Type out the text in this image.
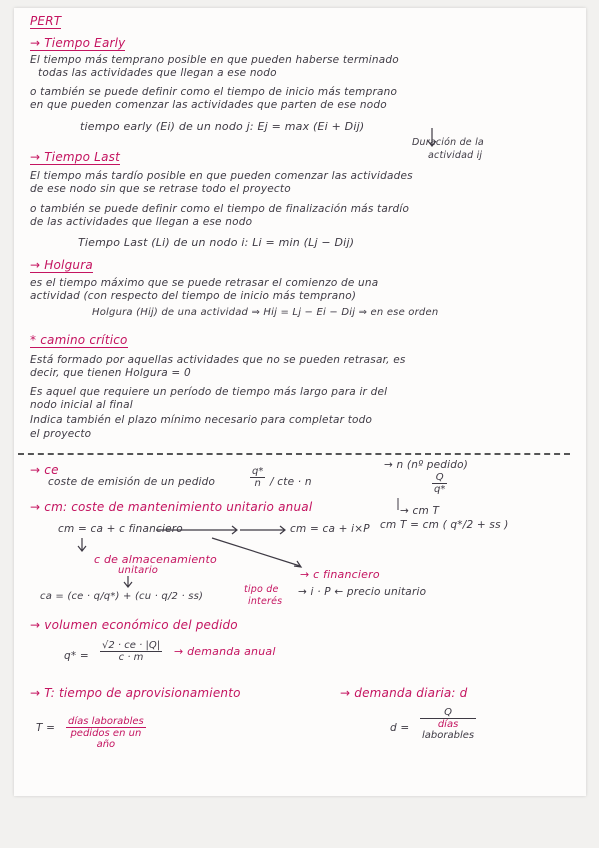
PERT
→ Tiempo Early
El tiempo más temprano posible en que pueden haberse terminado
todas las actividades que llegan a ese nodo
o también se puede definir como el tiempo de inicio más temprano
en que pueden comenzar las actividades que parten de ese nodo
tiempo early (Ei) de un nodo j: Ej = max (Ei + Dij)
Duración de la
actividad ij
→ Tiempo Last
El tiempo más tardío posible en que pueden comenzar las actividades
de ese nodo sin que se retrase todo el proyecto
o también se puede definir como el tiempo de finalización más tardío
de las actividades que llegan a ese nodo
Tiempo Last (Li) de un nodo i: Li = min (Lj − Dij)
→ Holgura
es el tiempo máximo que se puede retrasar el comienzo de una
actividad (con respecto del tiempo de inicio más temprano)
Holgura (Hij) de una actividad ⇒ Hij = Lj − Ei − Dij ⇒ en ese orden
* camino crítico
Está formado por aquellas actividades que no se pueden retrasar, es
decir, que tienen Holgura = 0
Es aquel que requiere un período de tiempo más largo para ir del
nodo inicial al final
Indica también el plazo mínimo necesario para completar todo
el proyecto
→ ce
coste de emisión de un pedido	$\frac{q*}{n}$ / cte · n
→ n (nº pedido)
$\frac{Q}{q*}$
→ cm: coste de mantenimiento unitario anual	→ cm T
cm T = cm ( q*/2 + ss )
cm = ca + c financiero	cm = ca + i×P
c de almacenamiento
unitario	→ c financiero
ca = (ce · q/q*) + (cu · q/2 · ss)
tipo de
interés
→ i · P ← precio unitario
→ volumen económico del pedido
$q* = \frac{√2 \cdot ce \cdot |Q|}{c \cdot m}$ → demanda anual
→ T: tiempo de aprovisionamiento
T =
días laborables
pedidos en un
año
→ demanda diaria: d
d =
Q
días
laborables
